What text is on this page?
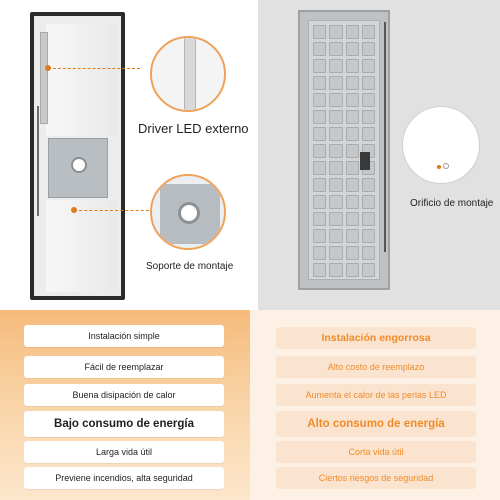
Driver LED externo
Soporte de montaje
Orificio de montaje
Instalación simple
Fácil de reemplazar
Buena disipación de calor
Bajo consumo de energía
Larga vida útil
Previene incendios, alta seguridad
Instalación engorrosa
Alto costo de reemplazo
Aumenta el calor de las perlas LED
Alto consumo de energía
Corta vida útil
Ciertos riesgos de seguridad
